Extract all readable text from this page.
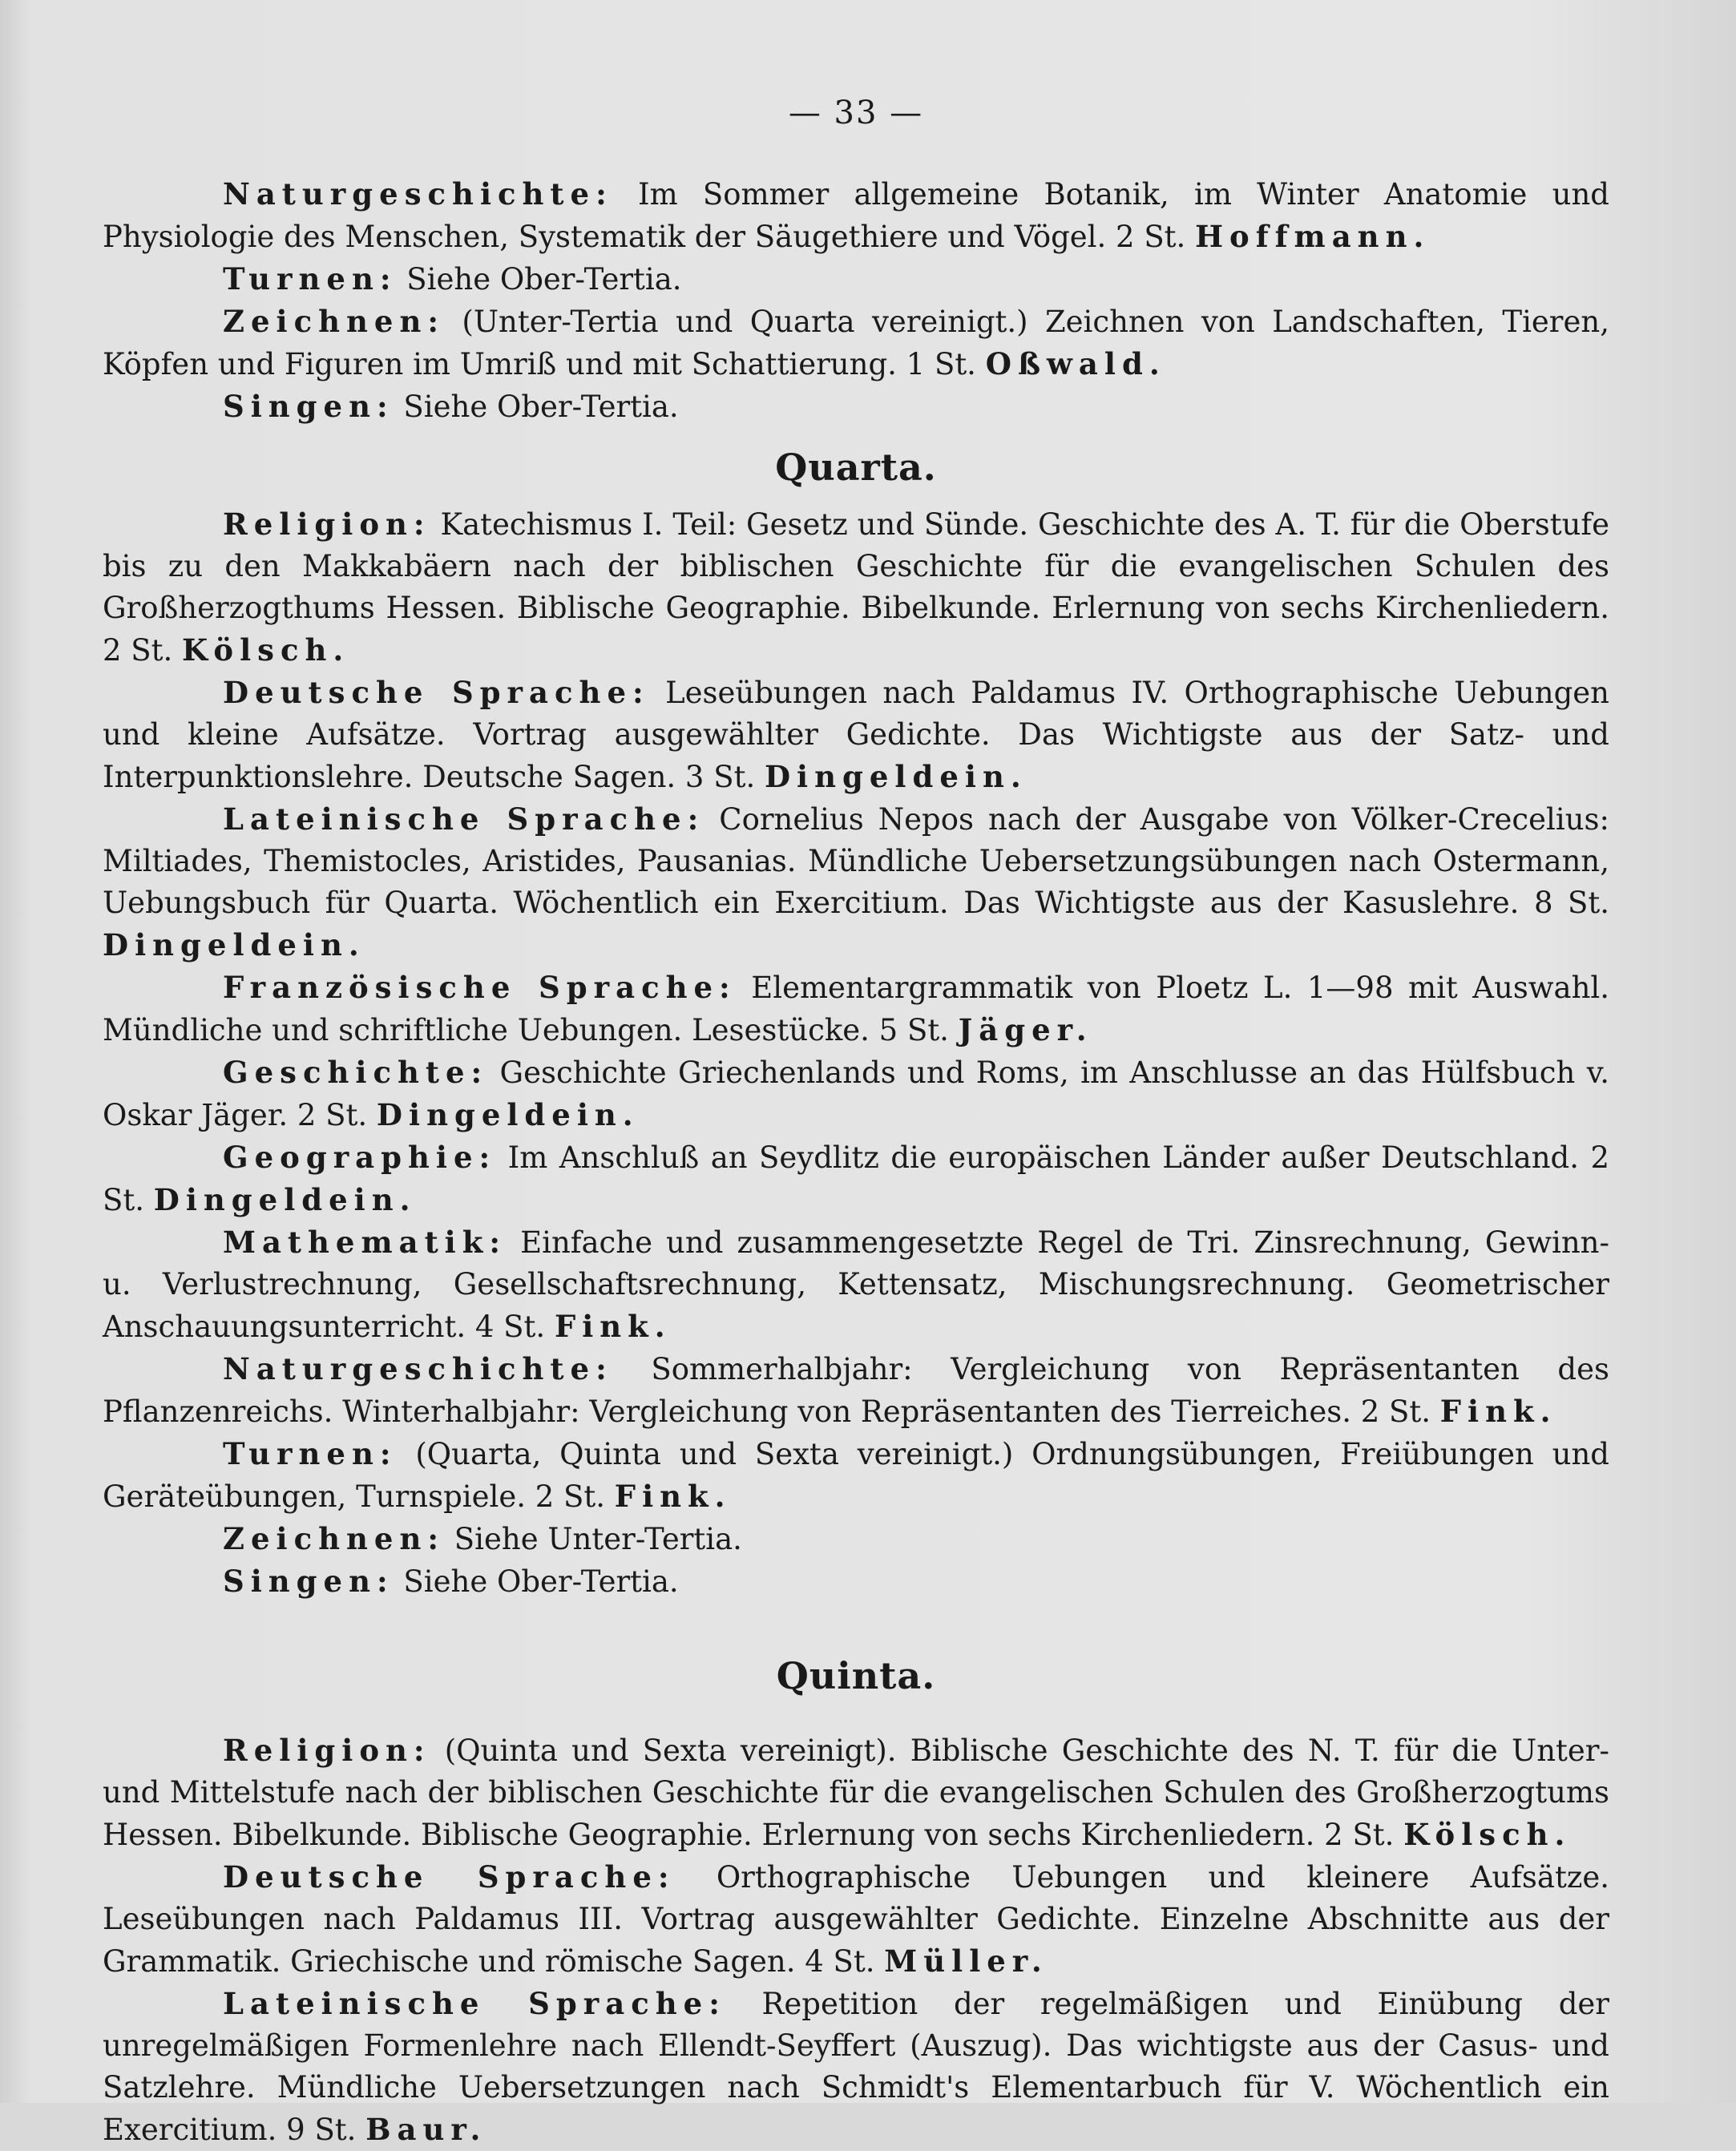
— 33 —

Naturgeschichte: Im Sommer allgemeine Botanik, im Winter Anatomie und Physiologie des Menschen, Systematik der Säugethiere und Vögel. 2 St. Hoffmann.

Turnen: Siehe Ober-Tertia.

Zeichnen: (Unter-Tertia und Quarta vereinigt.) Zeichnen von Landschaften, Tieren, Köpfen und Figuren im Umriß und mit Schattierung. 1 St. Oßwald.

Singen: Siehe Ober-Tertia.

Quarta.

Religion: Katechismus I. Teil: Gesetz und Sünde. Geschichte des A. T. für die Oberstufe bis zu den Makkabäern nach der biblischen Geschichte für die evangelischen Schulen des Großherzogthums Hessen. Biblische Geographie. Bibelkunde. Erlernung von sechs Kirchenliedern. 2 St. Kölsch.

Deutsche Sprache: Leseübungen nach Paldamus IV. Orthographische Uebungen und kleine Aufsätze. Vortrag ausgewählter Gedichte. Das Wichtigste aus der Satz- und Interpunktionslehre. Deutsche Sagen. 3 St. Dingeldein.

Lateinische Sprache: Cornelius Nepos nach der Ausgabe von Völker-Crecelius: Miltiades, Themistocles, Aristides, Pausanias. Mündliche Uebersetzungsübungen nach Ostermann, Uebungsbuch für Quarta. Wöchentlich ein Exercitium. Das Wichtigste aus der Kasuslehre. 8 St. Dingeldein.

Französische Sprache: Elementargrammatik von Ploetz L. 1—98 mit Auswahl. Mündliche und schriftliche Uebungen. Lesestücke. 5 St. Jäger.

Geschichte: Geschichte Griechenlands und Roms, im Anschlusse an das Hülfsbuch v. Oskar Jäger. 2 St. Dingeldein.

Geographie: Im Anschluß an Seydlitz die europäischen Länder außer Deutschland. 2 St. Dingeldein.

Mathematik: Einfache und zusammengesetzte Regel de Tri. Zinsrechnung, Gewinn- u. Verlustrechnung, Gesellschaftsrechnung, Kettensatz, Mischungsrechnung. Geometrischer Anschauungsunterricht. 4 St. Fink.

Naturgeschichte: Sommerhalbjahr: Vergleichung von Repräsentanten des Pflanzenreichs. Winterhalbjahr: Vergleichung von Repräsentanten des Tierreiches. 2 St. Fink.

Turnen: (Quarta, Quinta und Sexta vereinigt.) Ordnungsübungen, Freiübungen und Geräteübungen, Turnspiele. 2 St. Fink.

Zeichnen: Siehe Unter-Tertia.

Singen: Siehe Ober-Tertia.

Quinta.

Religion: (Quinta und Sexta vereinigt). Biblische Geschichte des N. T. für die Unter- und Mittelstufe nach der biblischen Geschichte für die evangelischen Schulen des Großherzogtums Hessen. Bibelkunde. Biblische Geographie. Erlernung von sechs Kirchenliedern. 2 St. Kölsch.

Deutsche Sprache: Orthographische Uebungen und kleinere Aufsätze. Leseübungen nach Paldamus III. Vortrag ausgewählter Gedichte. Einzelne Abschnitte aus der Grammatik. Griechische und römische Sagen. 4 St. Müller.

Lateinische Sprache: Repetition der regelmäßigen und Einübung der unregelmäßigen Formenlehre nach Ellendt-Seyffert (Auszug). Das wichtigste aus der Casus- und Satzlehre. Mündliche Uebersetzungen nach Schmidt's Elementarbuch für V. Wöchentlich ein Exercitium. 9 St. Baur.
